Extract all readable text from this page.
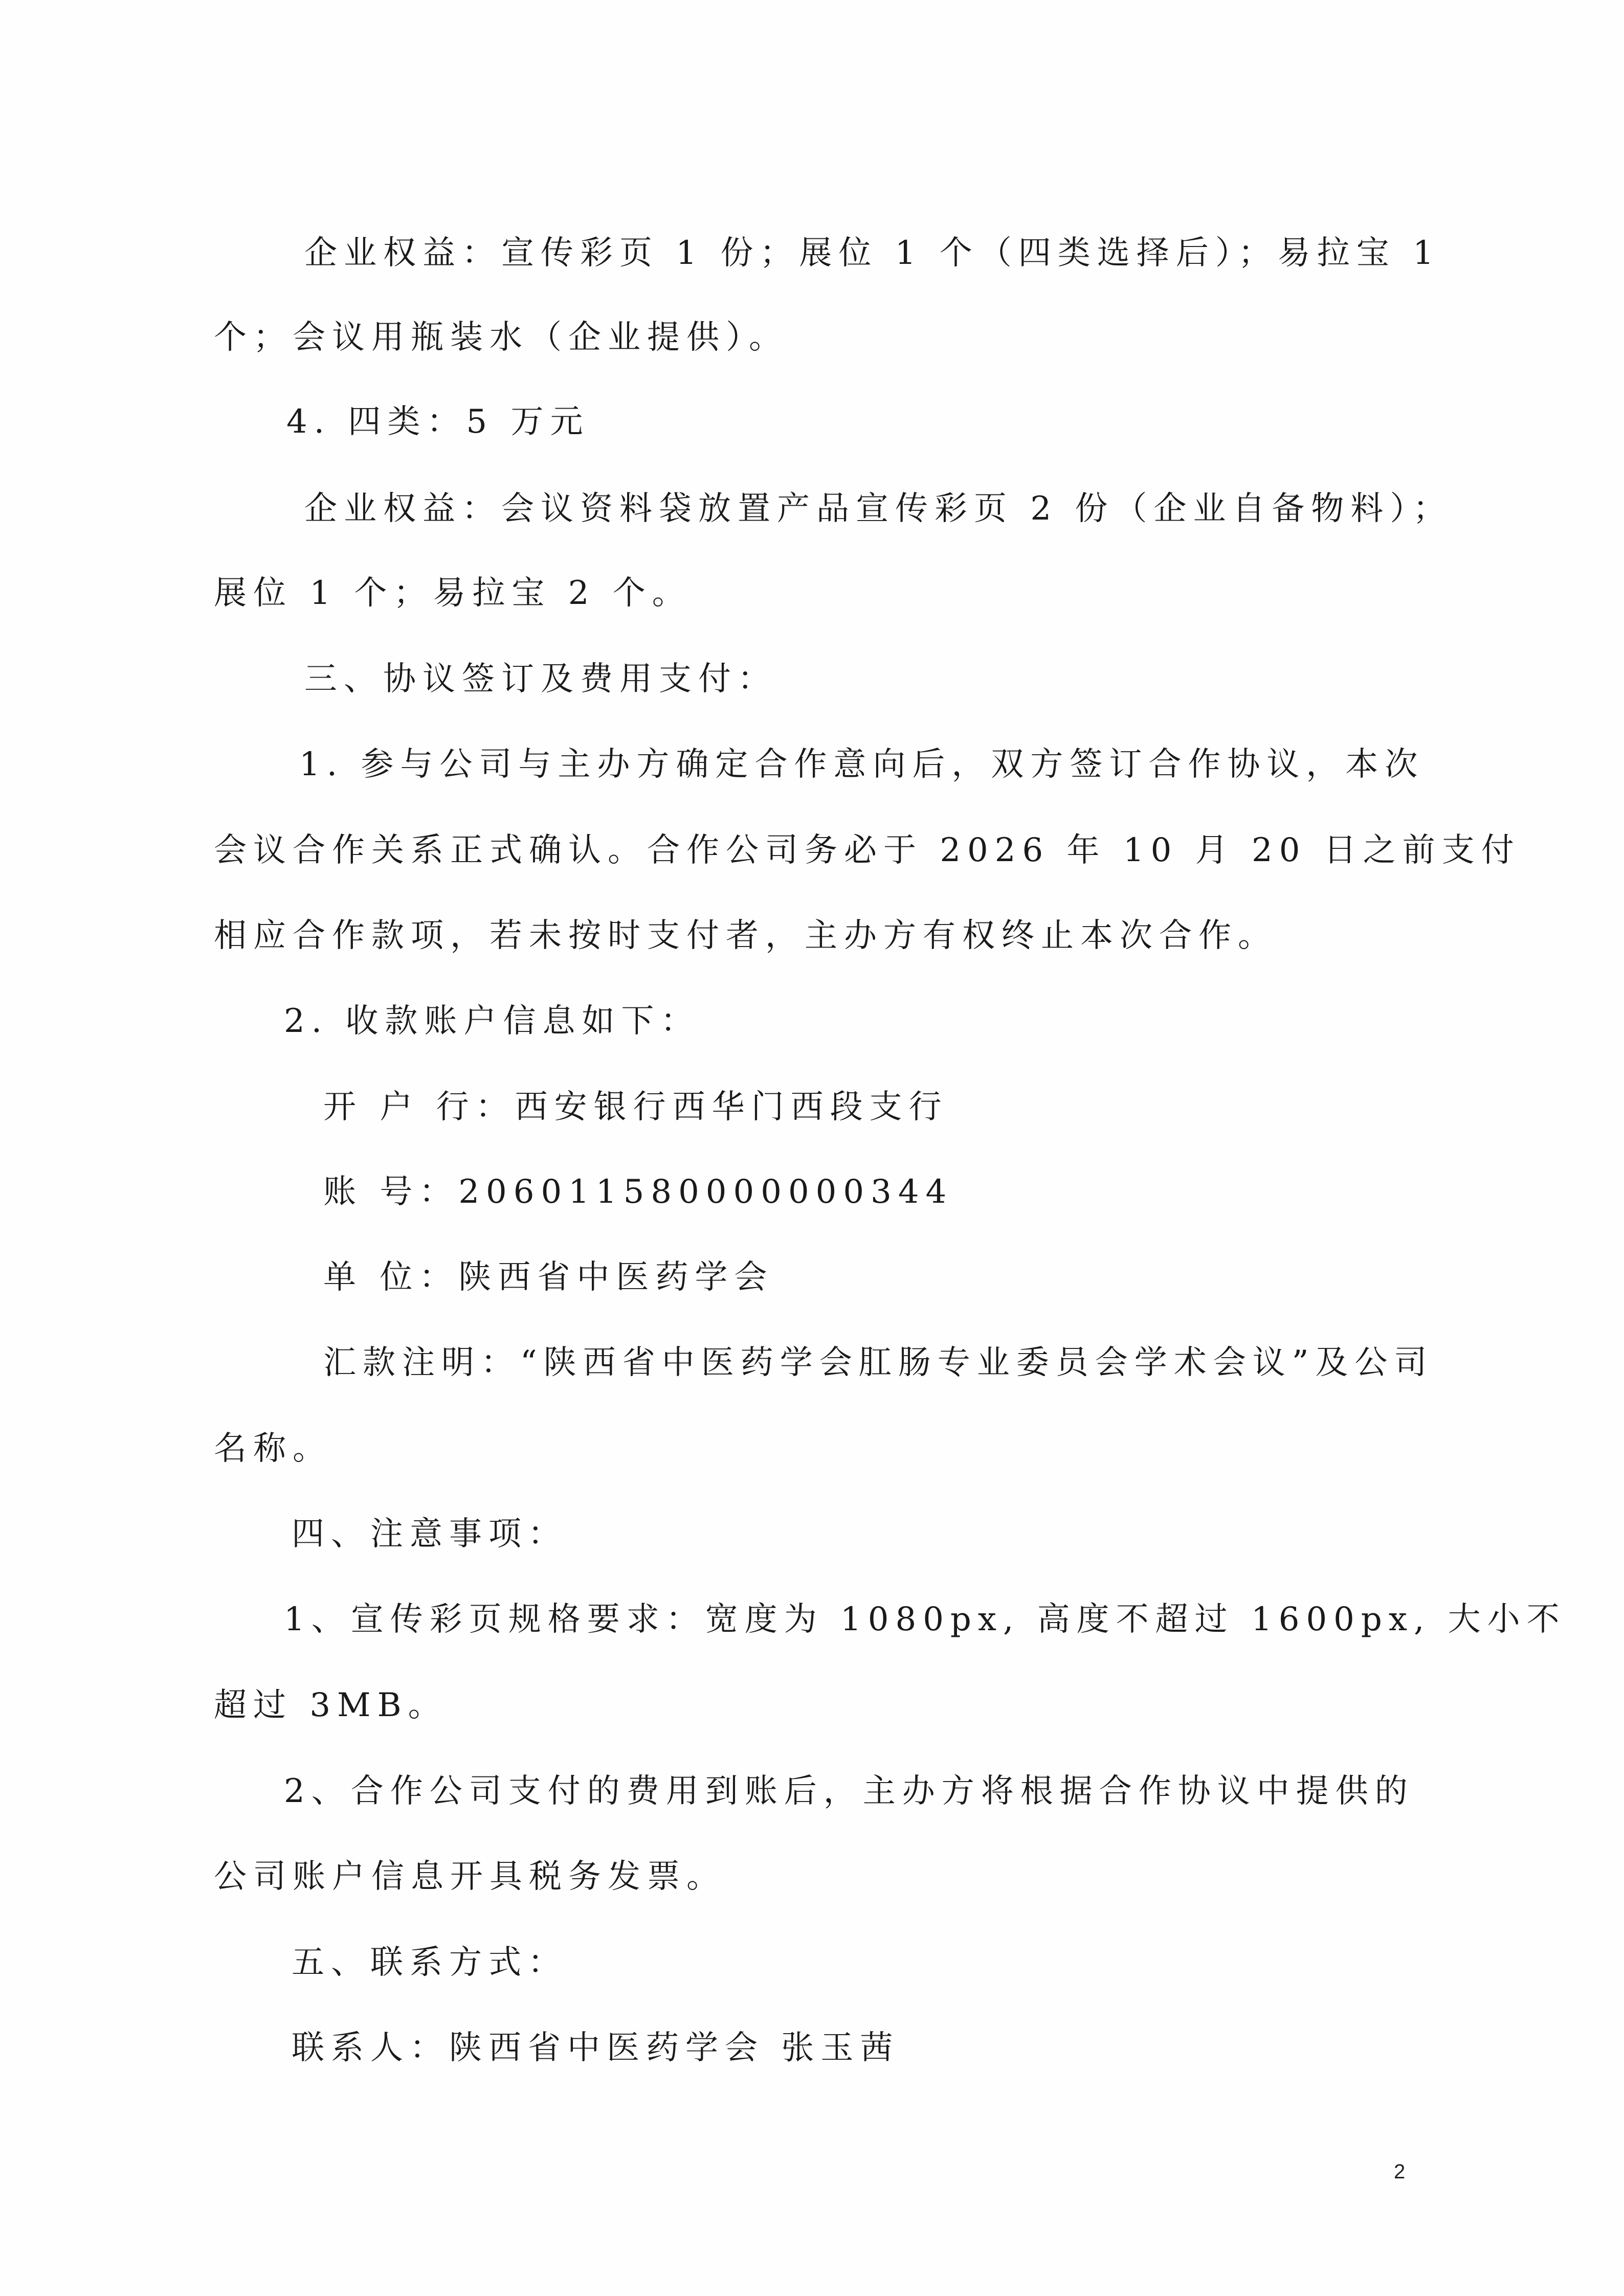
企业权益：宣传彩页 1 份；展位 1 个（四类选择后）；易拉宝 1
个；会议用瓶装水（企业提供）。
4. 四类：5 万元
企业权益：会议资料袋放置产品宣传彩页 2 份（企业自备物料）；
展位 1 个；易拉宝 2 个。
三、协议签订及费用支付：
1. 参与公司与主办方确定合作意向后，双方签订合作协议，本次
会议合作关系正式确认。合作公司务必于 2026 年 10 月 20 日之前支付
相应合作款项，若未按时支付者，主办方有权终止本次合作。
2. 收款账户信息如下：
开 户 行：西安银行西华门西段支行
账 号：206011580000000344
单 位：陕西省中医药学会
汇款注明：“陕西省中医药学会肛肠专业委员会学术会议”及公司
名称。
四、注意事项：
1、宣传彩页规格要求：宽度为 1080px, 高度不超过 1600px, 大小不
超过 3MB。
2、合作公司支付的费用到账后，主办方将根据合作协议中提供的
公司账户信息开具税务发票。
五、联系方式：
联系人：陕西省中医药学会 张玉茜
2
